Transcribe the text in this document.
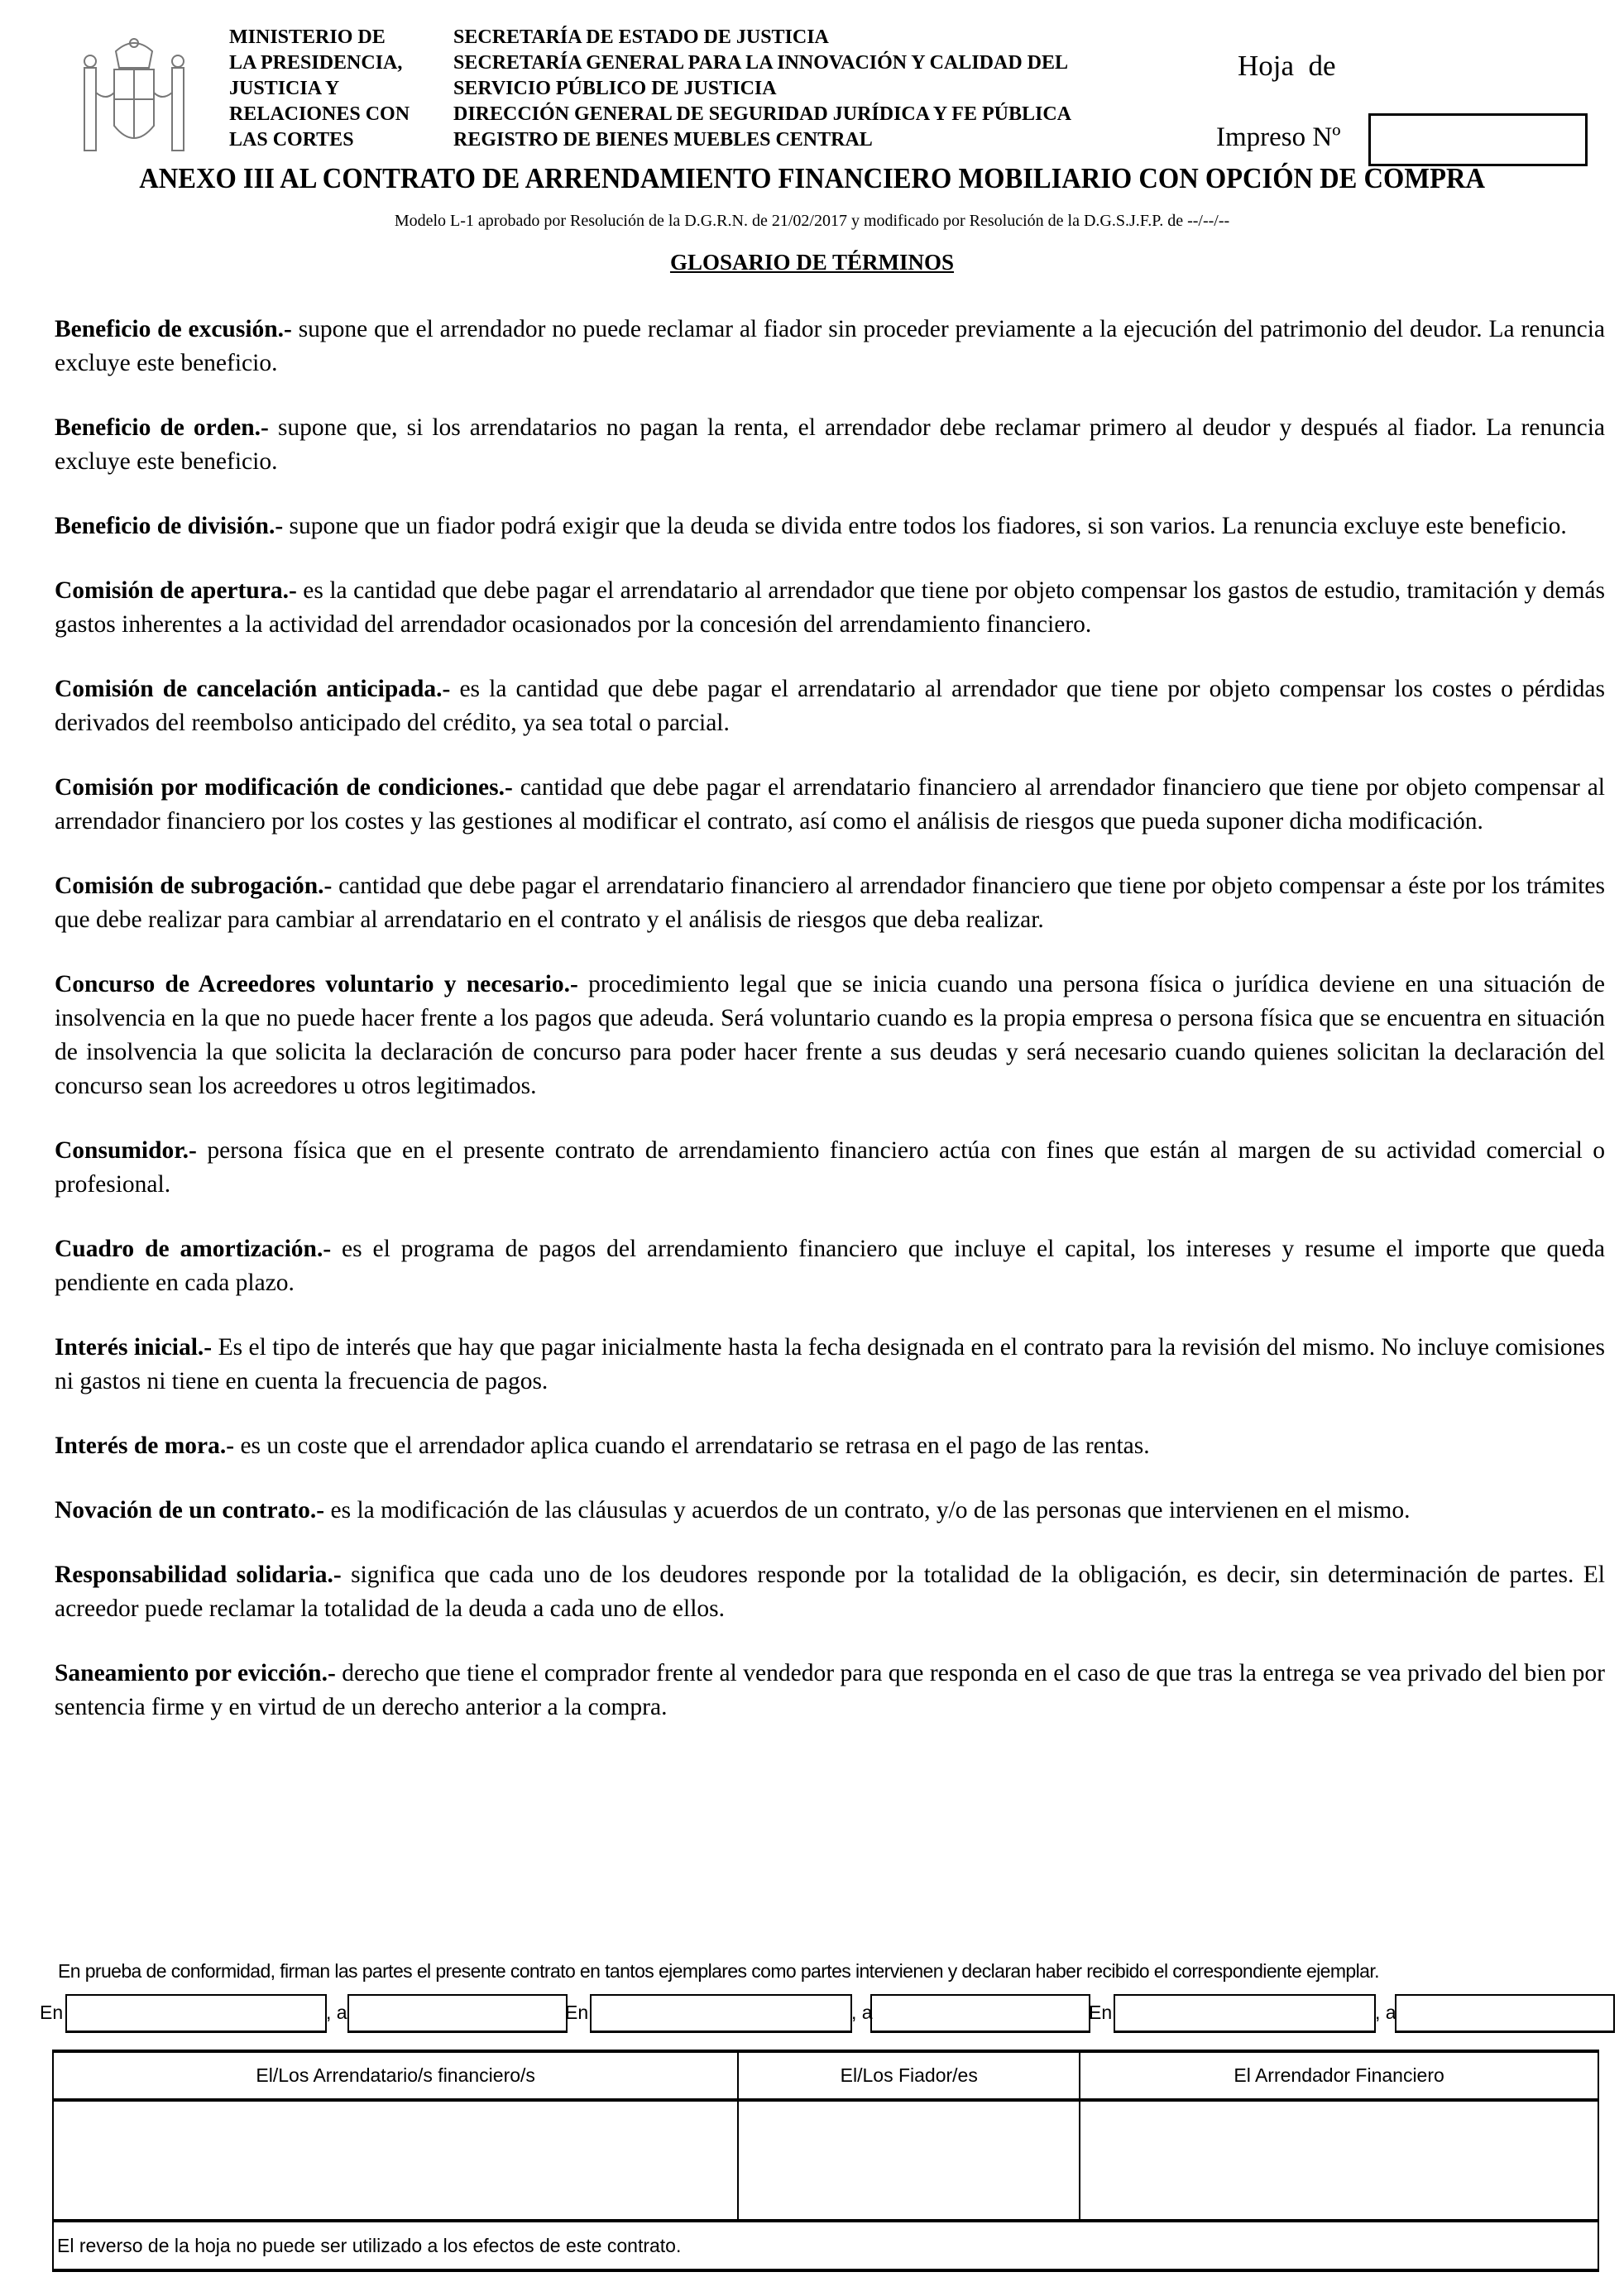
MINISTERIO DE
LA PRESIDENCIA,
JUSTICIA Y
RELACIONES CON
LAS CORTES
SECRETARÍA DE ESTADO DE JUSTICIA
SECRETARÍA GENERAL PARA LA INNOVACIÓN Y CALIDAD DEL
SERVICIO PÚBLICO DE JUSTICIA
DIRECCIÓN GENERAL DE SEGURIDAD JURÍDICA Y FE PÚBLICA
REGISTRO DE BIENES MUEBLES CENTRAL
Hoja  de
Impreso Nº
ANEXO III AL CONTRATO DE ARRENDAMIENTO FINANCIERO MOBILIARIO CON OPCIÓN DE COMPRA
Modelo L-1 aprobado por Resolución de la D.G.R.N. de 21/02/2017 y modificado por Resolución de la D.G.S.J.F.P. de --/--/--
GLOSARIO DE TÉRMINOS

Beneficio de excusión.- supone que el arrendador no puede reclamar al fiador sin proceder previamente a la ejecución del patrimonio del deudor. La renuncia excluye este beneficio.

Beneficio de orden.- supone que, si los arrendatarios no pagan la renta, el arrendador debe reclamar primero al deudor y después al fiador. La renuncia excluye este beneficio.

Beneficio de división.- supone que un fiador podrá exigir que la deuda se divida entre todos los fiadores, si son varios. La renuncia excluye este beneficio.

Comisión de apertura.- es la cantidad que debe pagar el arrendatario al arrendador que tiene por objeto compensar los gastos de estudio, tramitación y demás gastos inherentes a la actividad del arrendador ocasionados por la concesión del arrendamiento financiero.

Comisión de cancelación anticipada.- es la cantidad que debe pagar el arrendatario al arrendador que tiene por objeto compensar los costes o pérdidas derivados del reembolso anticipado del crédito, ya sea total o parcial.

Comisión por modificación de condiciones.- cantidad que debe pagar el arrendatario financiero al arrendador financiero que tiene por objeto compensar al arrendador financiero por los costes y las gestiones al modificar el contrato, así como el análisis de riesgos que pueda suponer dicha modificación.

Comisión de subrogación.- cantidad que debe pagar el arrendatario financiero al arrendador financiero que tiene por objeto compensar a éste por los trámites que debe realizar para cambiar al arrendatario en el contrato y el análisis de riesgos que deba realizar.

Concurso de Acreedores voluntario y necesario.- procedimiento legal que se inicia cuando una persona física o jurídica deviene en una situación de insolvencia en la que no puede hacer frente a los pagos que adeuda. Será voluntario cuando es la propia empresa o persona física que se encuentra en situación de insolvencia la que solicita la declaración de concurso para poder hacer frente a sus deudas y será necesario cuando quienes solicitan la declaración del concurso sean los acreedores u otros legitimados.

Consumidor.- persona física que en el presente contrato de arrendamiento financiero actúa con fines que están al margen de su actividad comercial o profesional.

Cuadro de amortización.- es el programa de pagos del arrendamiento financiero que incluye el capital, los intereses y resume el importe que queda pendiente en cada plazo.

Interés inicial.- Es el tipo de interés que hay que pagar inicialmente hasta la fecha designada en el contrato para la revisión del mismo. No incluye comisiones ni gastos ni tiene en cuenta la frecuencia de pagos.

Interés de mora.- es un coste que el arrendador aplica cuando el arrendatario se retrasa en el pago de las rentas.

Novación de un contrato.- es la modificación de las cláusulas y acuerdos de un contrato, y/o de las personas que intervienen en el mismo.

Responsabilidad solidaria.- significa que cada uno de los deudores responde por la totalidad de la obligación, es decir, sin determinación de partes. El acreedor puede reclamar la totalidad de la deuda a cada uno de ellos.

Saneamiento por evicción.- derecho que tiene el comprador frente al vendedor para que responda en el caso de que tras la entrega se vea privado del bien por sentencia firme y en virtud de un derecho anterior a la compra.

En prueba de conformidad, firman las partes el presente contrato en tantos ejemplares como partes intervienen y declaran haber recibido el correspondiente ejemplar.
En	, a	En	, a	En	, a
El/Los Arrendatario/s financiero/s	El/Los Fiador/es	El Arrendador Financiero

El reverso de la hoja no puede ser utilizado a los efectos de este contrato.		
